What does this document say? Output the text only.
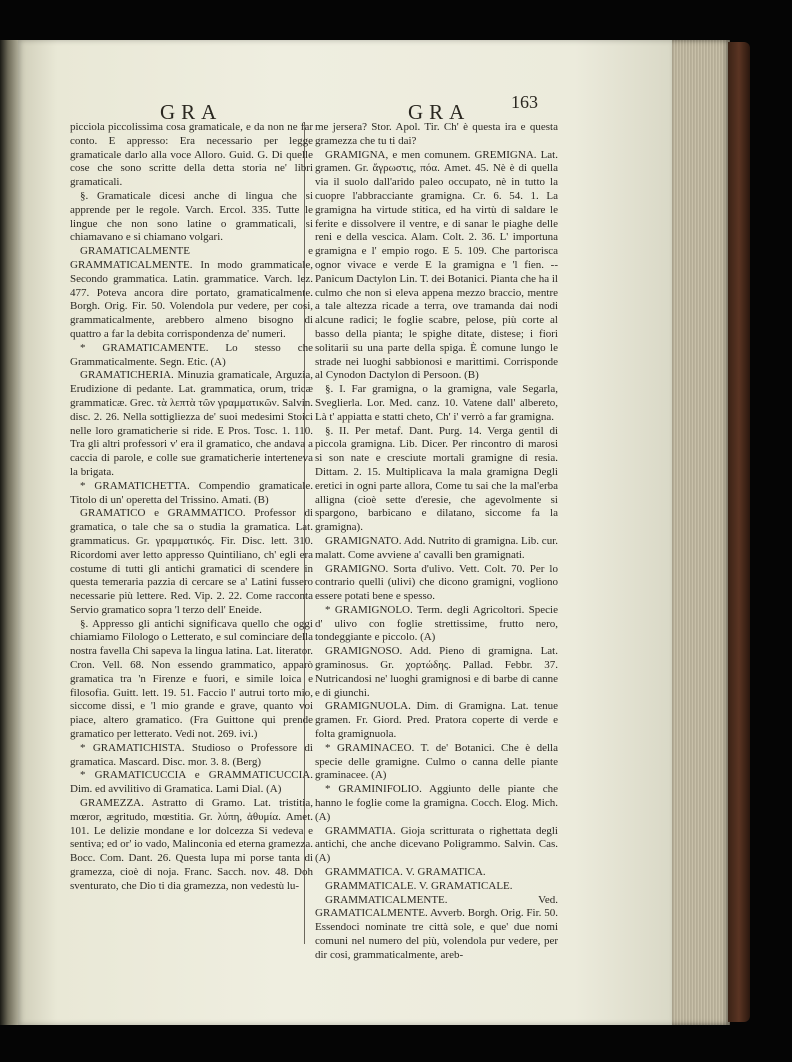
GRA	GRA 163

picciola piccolissima cosa gramaticale, e da non ne far conto. E appresso: Era necessario per legge gramaticale darlo alla voce Alloro. Guid. G. Di quelle cose che sono scritte della detta storia ne' libri gramaticali.

§. Gramaticale dicesi anche di lingua che si apprende per le regole. Varch. Ercol. 335. Tutte le lingue che non sono latine o grammaticali, si chiamavano e si chiamano volgari.

GRAMATICALMENTE e GRAMMATICALMENTE. In modo grammaticale, Secondo grammatica. Latin. grammatice. Varch. lez. 477. Poteva ancora dire portato, gramaticalmente. Borgh. Orig. Fir. 50. Volendola pur vedere, per cosi, grammaticalmente, arebbero almeno bisogno di quattro a far la debita corrispondenza de' numeri.

* GRAMATICAMENTE. Lo stesso che Grammaticalmente. Segn. Etic. (A)

GRAMATICHERIA. Minuzia gramaticale, Arguzia, Erudizione di pedante. Lat. grammatica, orum, tricæ grammaticæ. Grec. τὰ λεπτὰ τῶν γραμματικῶν. Salvin. disc. 2. 26. Nella sottigliezza de' suoi medesimi Stoici nelle loro gramaticherie si ride. E Pros. Tosc. 1. 110. Tra gli altri professori v' era il gramatico, che andava a caccia di parole, e colle sue gramaticherie interteneva la brigata.

* GRAMATICHETTA. Compendio gramaticale. Titolo di un' operetta del Trissino. Amati. (B)

GRAMATICO e GRAMMATICO. Professor di gramatica, o tale che sa o studia la gramatica. Lat. grammaticus. Gr. γραμματικός. Fir. Disc. lett. 310. Ricordomi aver letto appresso Quintiliano, ch' egli era costume di tutti gli antichi gramatici di scendere in questa temeraria pazzia di cercare se a' Latini fussero necessarie più lettere. Red. Vip. 2. 22. Come racconta Servio gramatico sopra 'l terzo dell' Eneide.

§. Appresso gli antichi significava quello che oggi chiamiamo Filologo o Letterato, e sul cominciare della nostra favella Chi sapeva la lingua latina. Lat. literator. Cron. Vell. 68. Non essendo grammatico, apparò gramatica tra 'n Firenze e fuori, e simile loica e filosofia. Guitt. lett. 19. 51. Faccio l' autrui torto mio, siccome dissi, e 'l mio grande e grave, quanto voi piace, altero gramatico. (Fra Guittone qui prende gramatico per letterato. Vedi not. 269. ivi.)

* GRAMATICHISTA. Studioso o Professore di gramatica. Mascard. Disc. mor. 3. 8. (Berg)

* GRAMATICUCCIA e GRAMMATICUCCIA. Dim. ed avvilitivo di Gramatica. Lami Dial. (A)

GRAMEZZA. Astratto di Gramo. Lat. tristitia, mœror, ægritudo, mœstitia. Gr. λύπη, ἀθυμία. Amet. 101. Le delizie mondane e lor dolcezza Si vedeva e sentiva; ed or' io vado, Malinconia ed eterna gramezza. Bocc. Com. Dant. 26. Questa lupa mi porse tanta di gramezza, cioè di noja. Franc. Sacch. nov. 48. Doh sventurato, che Dio ti dia gramezza, non vedestù lu-

me jersera? Stor. Apol. Tir. Ch' è questa ira e questa gramezza che tu ti dai?

GRAMIGNA, e men comunem. GREMIGNA. Lat. gramen. Gr. ἄγρωστις, πόα. Amet. 45. Nè è di quella via il suolo dall'arido paleo occupato, nè in tutto la cuopre l'abbracciante gramigna. Cr. 6. 54. 1. La gramigna ha virtude stitica, ed ha virtù di saldare le ferite e dissolvere il ventre, e di sanar le piaghe delle reni e della vescica. Alam. Colt. 2. 36. L' importuna gramigna e l' empio rogo. E 5. 109. Che partorisca ognor vivace e verde E la gramigna e 'l fien. -- Panicum Dactylon Lin. T. dei Botanici. Pianta che ha il culmo che non si eleva appena mezzo braccio, mentre a tale altezza ricade a terra, ove tramanda dai nodi alcune radici; le foglie scabre, pelose, più corte al basso della pianta; le spighe ditate, distese; i fiori solitarii su una parte della spiga. È comune lungo le strade nei luoghi sabbionosi e marittimi. Corrisponde al Cynodon Dactylon di Persoon. (B)

§. I. Far gramigna, o la gramigna, vale Segarla, Sveglierla. Lor. Med. canz. 10. Vatene dall' albereto, Là t' appiatta e statti cheto, Ch' i' verrò a far gramigna.

§. II. Per metaf. Dant. Purg. 14. Verga gentil di piccola gramigna. Lib. Dicer. Per rincontro di marosi si son nate e cresciute mortali gramigne di resia. Dittam. 2. 15. Multiplicava la mala gramigna Degli eretici in ogni parte allora, Come tu sai che la mal'erba alligna (cioè sette d'eresie, che agevolmente si spargono, barbicano e dilatano, siccome fa la gramigna).

GRAMIGNATO. Add. Nutrito di gramigna. Lib. cur. malatt. Come avviene a' cavalli ben gramignati.

GRAMIGNO. Sorta d'ulivo. Vett. Colt. 70. Per lo contrario quelli (ulivi) che dicono gramigni, vogliono essere potati bene e spesso.

* GRAMIGNOLO. Term. degli Agricoltori. Specie d' ulivo con foglie strettissime, frutto nero, tondeggiante e piccolo. (A)

GRAMIGNOSO. Add. Pieno di gramigna. Lat. graminosus. Gr. χορτώδης. Pallad. Febbr. 37. Nutricandosi ne' luoghi gramignosi e di barbe di canne e di giunchi.

GRAMIGNUOLA. Dim. di Gramigna. Lat. tenue gramen. Fr. Giord. Pred. Pratora coperte di verde e folta gramignuola.

* GRAMINACEO. T. de' Botanici. Che è della specie delle gramigne. Culmo o canna delle piante graminacee. (A)

* GRAMINIFOLIO. Aggiunto delle piante che hanno le foglie come la gramigna. Cocch. Elog. Mich. (A)

GRAMMATIA. Gioja scritturata o righettata degli antichi, che anche dicevano Poligrammo. Salvin. Cas. (A)

GRAMMATICA. V. GRAMATICA.

GRAMMATICALE. V. GRAMATICALE.

GRAMMATICALMENTE. Ved. GRAMATICALMENTE. Avverb. Borgh. Orig. Fir. 50. Essendoci nominate tre città sole, e que' due nomi comuni nel numero del più, volendola pur vedere, per dir cosi, grammaticalmente, areb-
